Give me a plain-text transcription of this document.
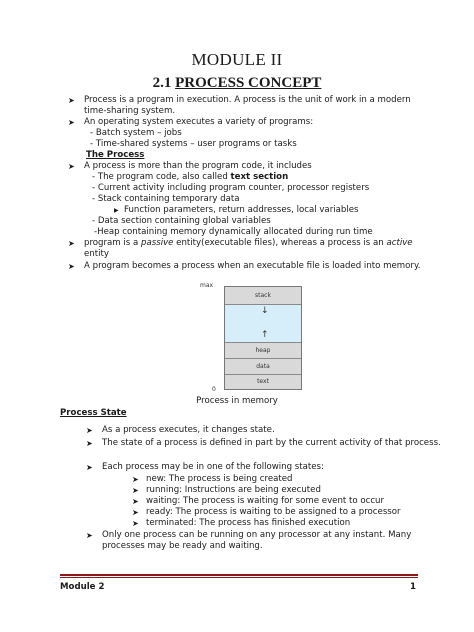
MODULE II
2.1 PROCESS CONCEPT
➤ Process is a program in execution. A process is the unit of work in a modern
time-sharing system.
➤ An operating system executes a variety of programs:
- Batch system – jobs
- Time-shared systems – user programs or tasks
The Process
➤ A process is more than the program code, it includes
- The program code, also called text section
- Current activity including program counter, processor registers
- Stack containing temporary data
▶ Function parameters, return addresses, local variables
- Data section containing global variables
-Heap containing memory dynamically allocated during run time
➤ program is a passive entity(executable files), whereas a process is an active
entity
➤ A program becomes a process when an executable file is loaded into memory.
max
0
stack
↓
↑
heap
data
text
Process in memory
Process State
➤ As a process executes, it changes state.
➤ The state of a process is defined in part by the current activity of that process.
➤ Each process may be in one of the following states:
➤ new: The process is being created
➤ running: Instructions are being executed
➤ waiting: The process is waiting for some event to occur
➤ ready: The process is waiting to be assigned to a processor
➤ terminated: The process has finished execution
➤ Only one process can be running on any processor at any instant. Many
processes may be ready and waiting.
Module 2	1
